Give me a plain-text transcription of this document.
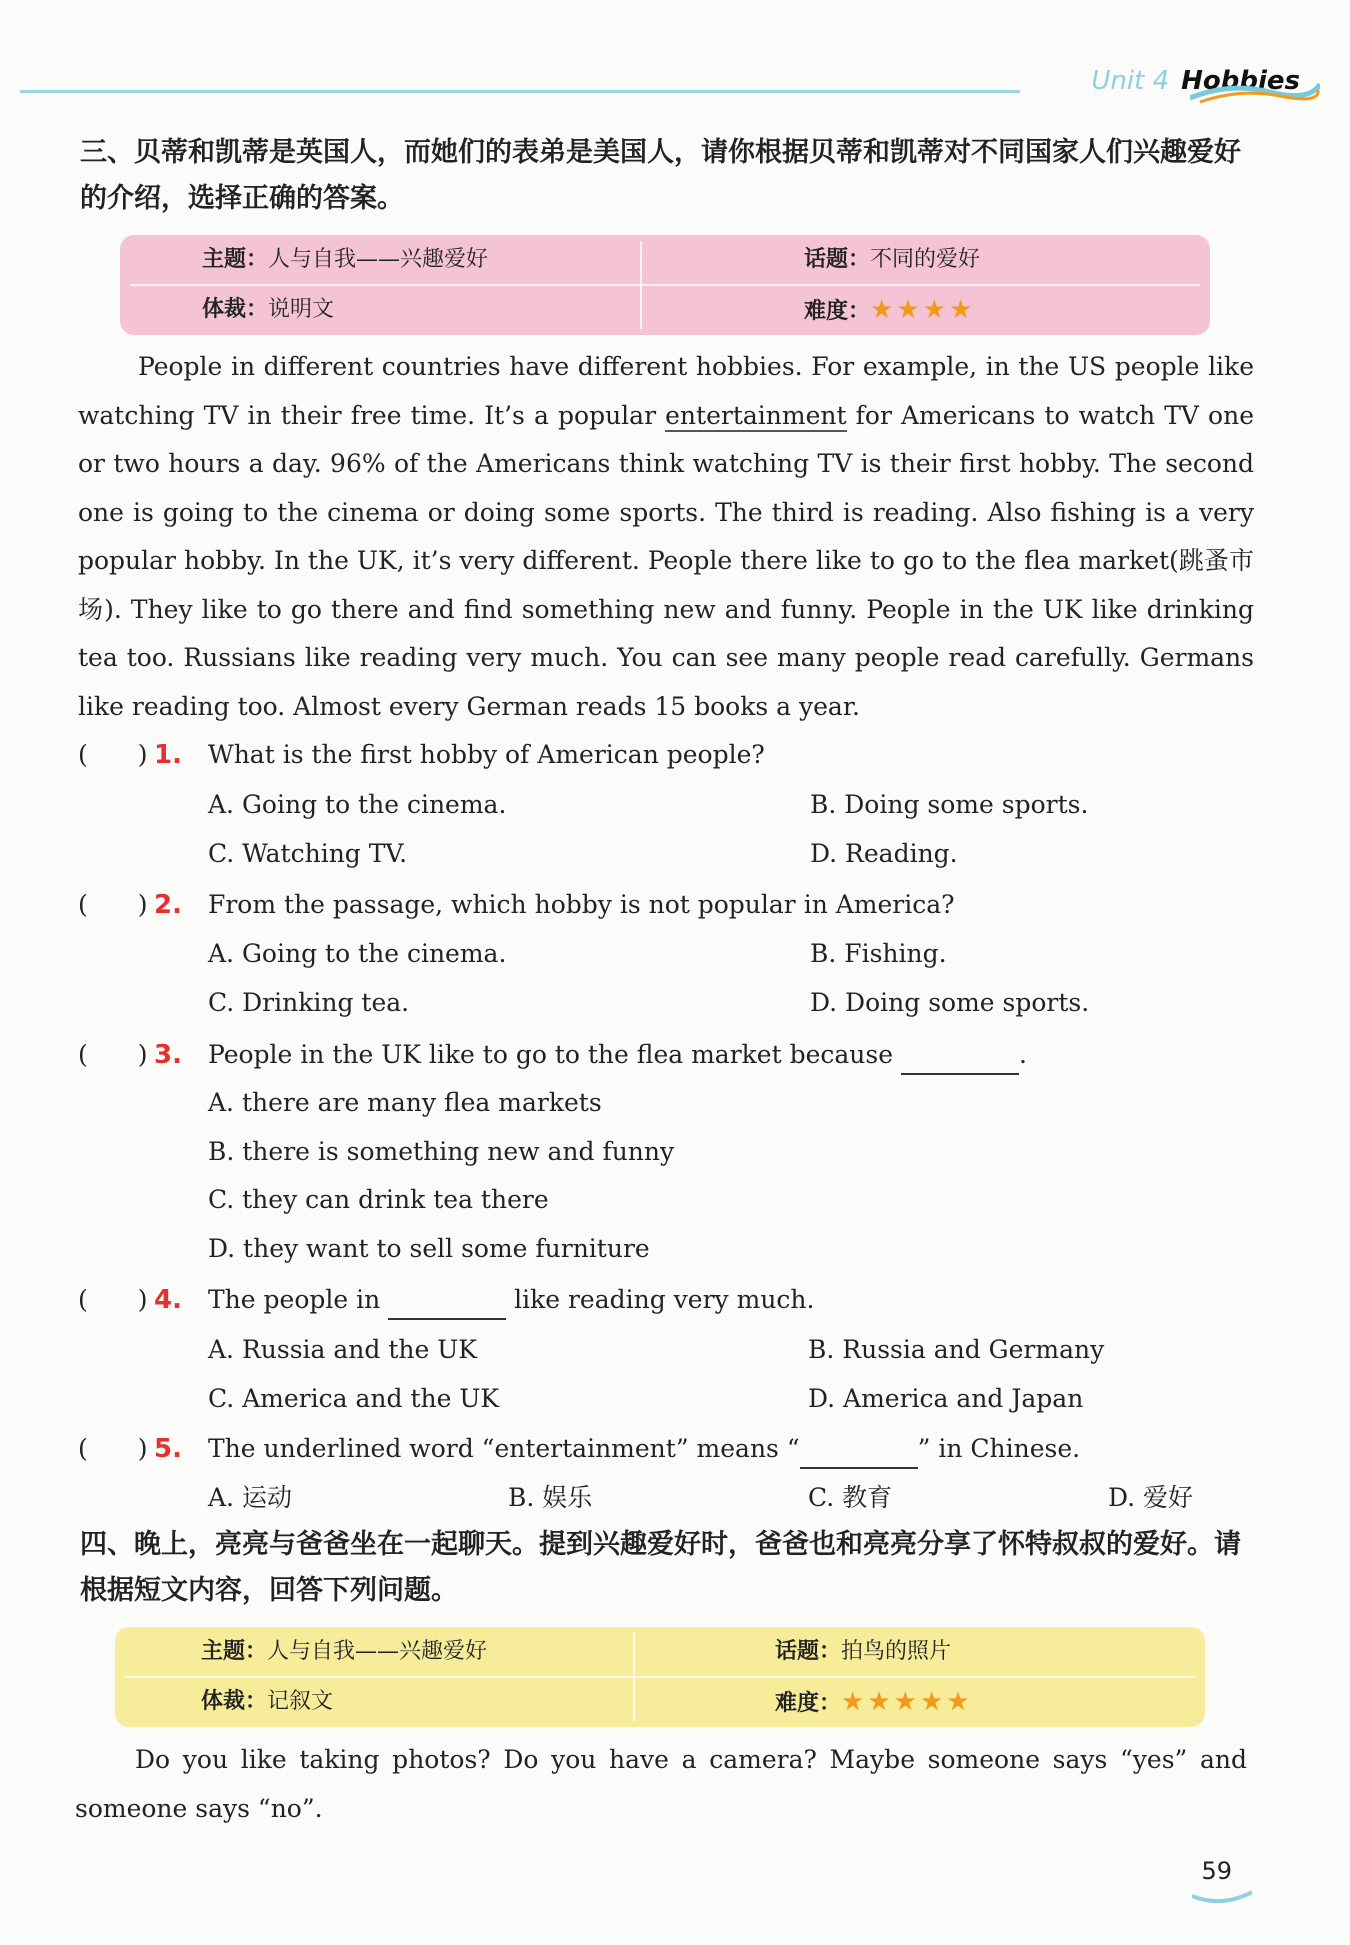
Unit 4 Hobbies
三、贝蒂和凯蒂是英国人，而她们的表弟是美国人，请你根据贝蒂和凯蒂对不同国家人们兴趣爱好的介绍，选择正确的答案。
主题：人与自我——兴趣爱好	话题：不同的爱好
体裁：说明文	难度：★★★★

People in different countries have different hobbies. For example, in the US people like watching TV in their free time. It’s a popular entertainment for Americans to watch TV one or two hours a day. 96% of the Americans think watching TV is their first hobby. The second one is going to the cinema or doing some sports. The third is reading. Also fishing is a very popular hobby. In the UK, it’s very different. People there like to go to the flea market(跳蚤市场). They like to go there and find something new and funny. People in the UK like drinking tea too. Russians like reading very much. You can see many people read carefully. Germans like reading too. Almost every German reads 15 books a year.

(　　) 1. What is the first hobby of American people?
A. Going to the cinema.	B. Doing some sports.
C. Watching TV.	D. Reading.
(　　) 2. From the passage, which hobby is not popular in America?
A. Going to the cinema.	B. Fishing.
C. Drinking tea.	D. Doing some sports.
(　　) 3. People in the UK like to go to the flea market because	.
A. there are many flea markets
B. there is something new and funny
C. they can drink tea there
D. they want to sell some furniture
(　　) 4. The people in	like reading very much.
A. Russia and the UK	B. Russia and Germany
C. America and the UK	D. America and Japan
(　　) 5. The underlined word “entertainment” means “	” in Chinese.
A. 运动	B. 娱乐	C. 教育	D. 爱好
四、晚上，亮亮与爸爸坐在一起聊天。提到兴趣爱好时，爸爸也和亮亮分享了怀特叔叔的爱好。请根据短文内容，回答下列问题。
主题：人与自我——兴趣爱好	话题：拍鸟的照片
体裁：记叙文	难度：★★★★★

Do you like taking photos? Do you have a camera? Maybe someone says “yes” and someone says “no”.

59
